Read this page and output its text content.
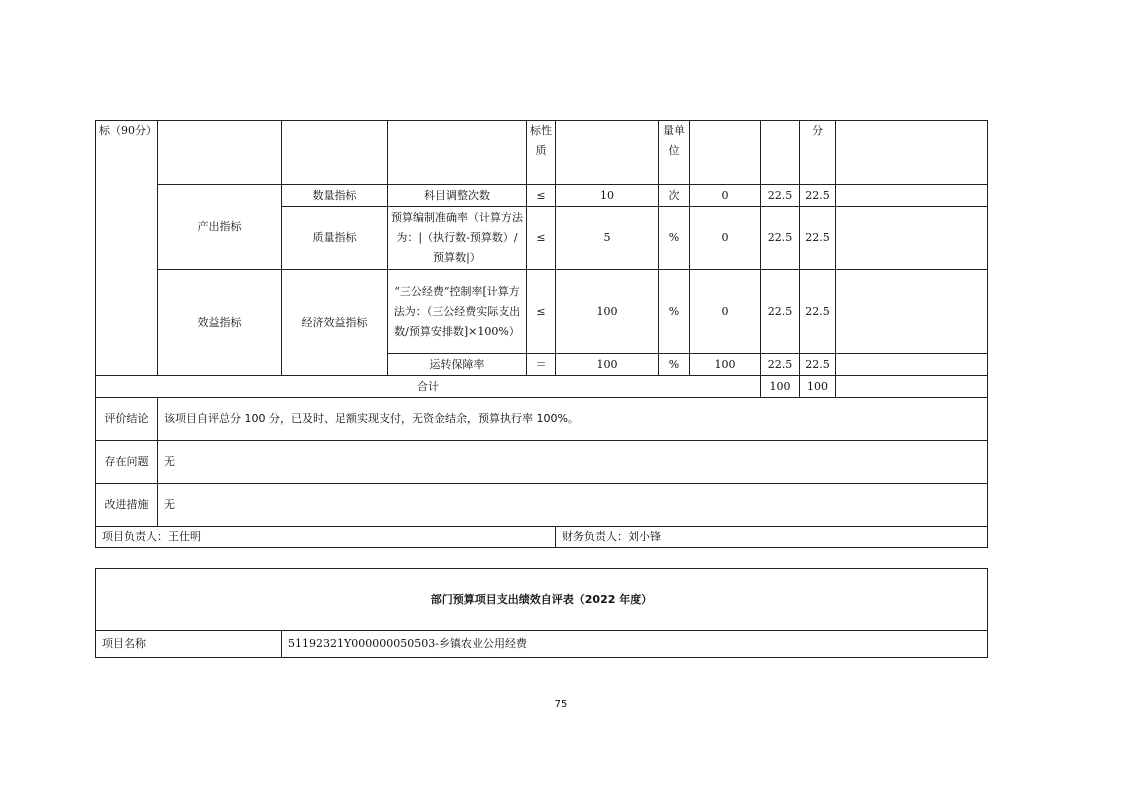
标（90分）				标性质		量单位			分	
	产出指标	数量指标	科目调整次数	≤	10	次	0	22.5	22.5	
		质量指标	预算编制准确率（计算方法为：|（执行数-预算数）/预算数|）	≤	5	%	0	22.5	22.5	
	效益指标	经济效益指标	“三公经费”控制率[计算方法为：（三公经费实际支出数/预算安排数]×100%）	≤	100	%	0	22.5	22.5	
			运转保障率	＝	100	%	100	22.5	22.5	
合计								100	100	
评价结论	该项目自评总分 100 分，已及时、足额实现支付，无资金结余，预算执行率 100%。									
存在问题	无									
改进措施	无									
项目负责人：王仕明					财务负责人：刘小锋					
部门预算项目支出绩效自评表（2022 年度）
项目名称	51192321Y000000050503-乡镇农业公用经费
75
